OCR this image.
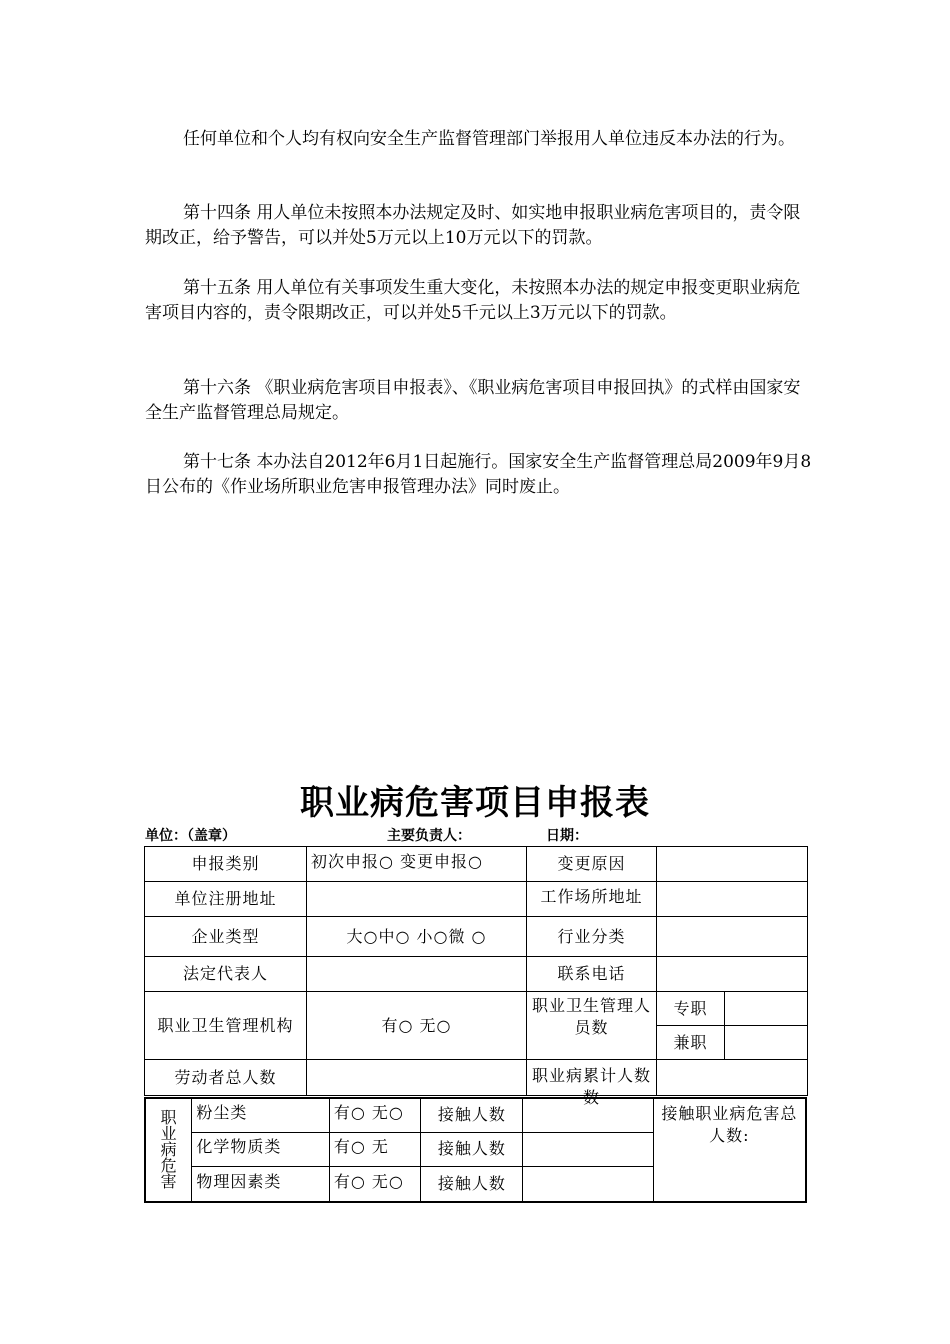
任何单位和个人均有权向安全生产监督管理部门举报用人单位违反本办法的行为。

第十四条 用人单位未按照本办法规定及时、如实地申报职业病危害项目的，责令限期改正，给予警告，可以并处5万元以上10万元以下的罚款。

第十五条 用人单位有关事项发生重大变化，未按照本办法的规定申报变更职业病危害项目内容的，责令限期改正，可以并处5千元以上3万元以下的罚款。

第十六条 《职业病危害项目申报表》、《职业病危害项目申报回执》的式样由国家安全生产监督管理总局规定。

第十七条 本办法自2012年6月1日起施行。国家安全生产监督管理总局2009年9月8日公布的《作业场所职业危害申报管理办法》同时废止。

职业病危害项目申报表
单位：（盖章）	主要负责人：	日期：
申报类别	初次申报○ 变更申报○	变更原因		
单位注册地址		工作场所地址		

企业类型	大○中○ 小○微 ○	行业分类		
法定代表人		联系电话		
职业卫生管理机构	有○ 无○	职业卫生管理人员数	专职	
			兼职	
劳动者总人数		职业病累计人数数		

职业病危害	粉尘类	有○ 无○	接触人数		接触职业病危害总人数:

	化学物质类	有○ 无	接触人数		

	物理因素类	有○ 无○	接触人数		
